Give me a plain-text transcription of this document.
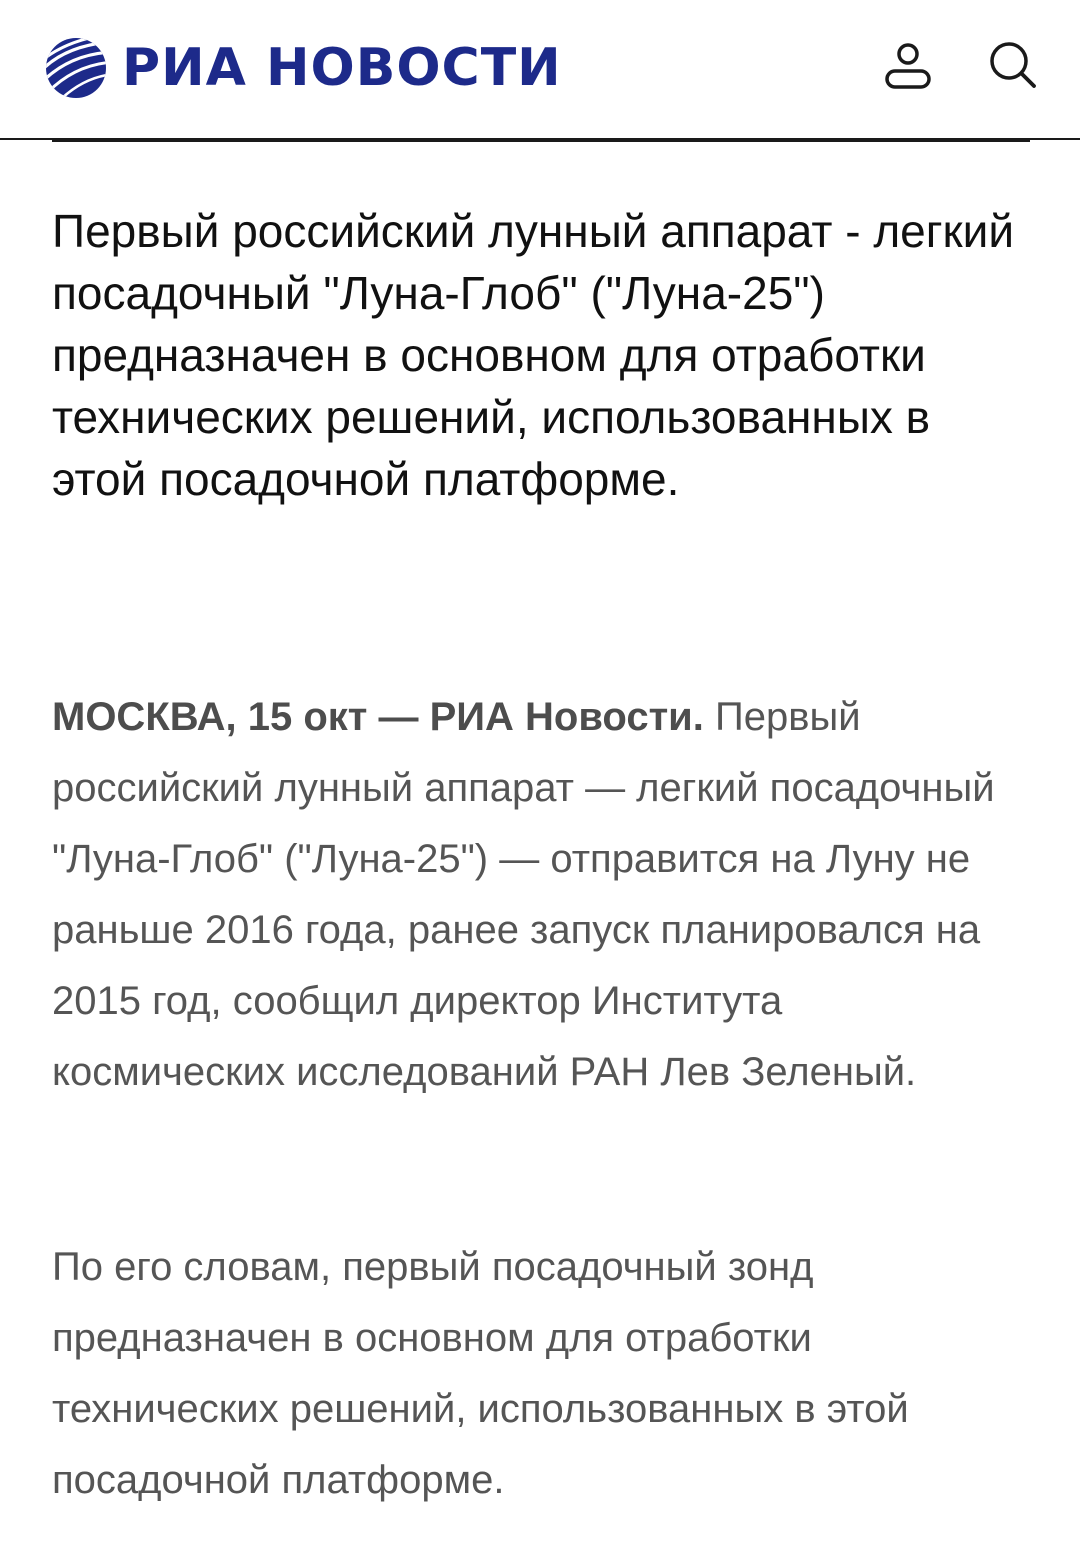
РИА НОВОСТИ
Первый российский лунный аппарат - легкий посадочный "Луна-Глоб" ("Луна-25") предназначен в основном для отработки технических решений, использованных в этой посадочной платформе.

МОСКВА, 15 окт — РИА Новости. Первый российский лунный аппарат — легкий посадочный "Луна-Глоб" ("Луна-25") — отправится на Луну не раньше 2016 года, ранее запуск планировался на 2015 год, сообщил директор Института космических исследований РАН Лев Зеленый.

По его словам, первый посадочный зонд предназначен в основном для отработки технических решений, использованных в этой посадочной платформе.
